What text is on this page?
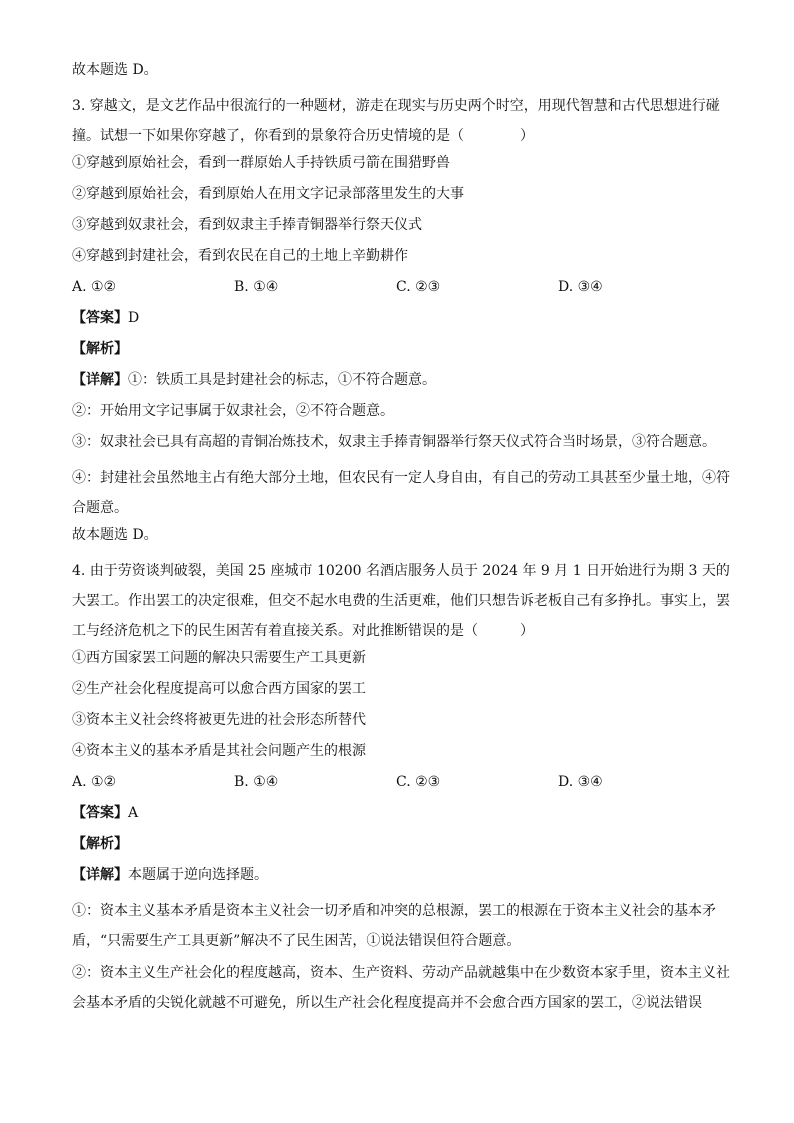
故本题选 D。
3. 穿越文，是文艺作品中很流行的一种题材，游走在现实与历史两个时空，用现代智慧和古代思想进行碰撞。试想一下如果你穿越了，你看到的景象符合历史情境的是（　　　　）
①穿越到原始社会，看到一群原始人手持铁质弓箭在围猎野兽
②穿越到原始社会，看到原始人在用文字记录部落里发生的大事
③穿越到奴隶社会，看到奴隶主手捧青铜器举行祭天仪式
④穿越到封建社会，看到农民在自己的土地上辛勤耕作
A. ①②	B. ①④	C. ②③	D. ③④
【答案】D
【解析】
【详解】①：铁质工具是封建社会的标志，①不符合题意。
②：开始用文字记事属于奴隶社会，②不符合题意。
③：奴隶社会已具有高超的青铜冶炼技术，奴隶主手捧青铜器举行祭天仪式符合当时场景，③符合题意。
④：封建社会虽然地主占有绝大部分土地，但农民有一定人身自由，有自己的劳动工具甚至少量土地，④符合题意。
故本题选 D。
4. 由于劳资谈判破裂，美国 25 座城市 10200 名酒店服务人员于 2024 年 9 月 1 日开始进行为期 3 天的大罢工。作出罢工的决定很难，但交不起水电费的生活更难，他们只想告诉老板自己有多挣扎。事实上，罢工与经济危机之下的民生困苦有着直接关系。对此推断错误的是（　　　）
①西方国家罢工问题的解决只需要生产工具更新
②生产社会化程度提高可以愈合西方国家的罢工
③资本主义社会终将被更先进的社会形态所替代
④资本主义的基本矛盾是其社会问题产生的根源
A. ①②	B. ①④	C. ②③	D. ③④
【答案】A
【解析】
【详解】本题属于逆向选择题。
①：资本主义基本矛盾是资本主义社会一切矛盾和冲突的总根源，罢工的根源在于资本主义社会的基本矛盾，“只需要生产工具更新”解决不了民生困苦，①说法错误但符合题意。
②：资本主义生产社会化的程度越高，资本、生产资料、劳动产品就越集中在少数资本家手里，资本主义社会基本矛盾的尖锐化就越不可避免，所以生产社会化程度提高并不会愈合西方国家的罢工，②说法错误
